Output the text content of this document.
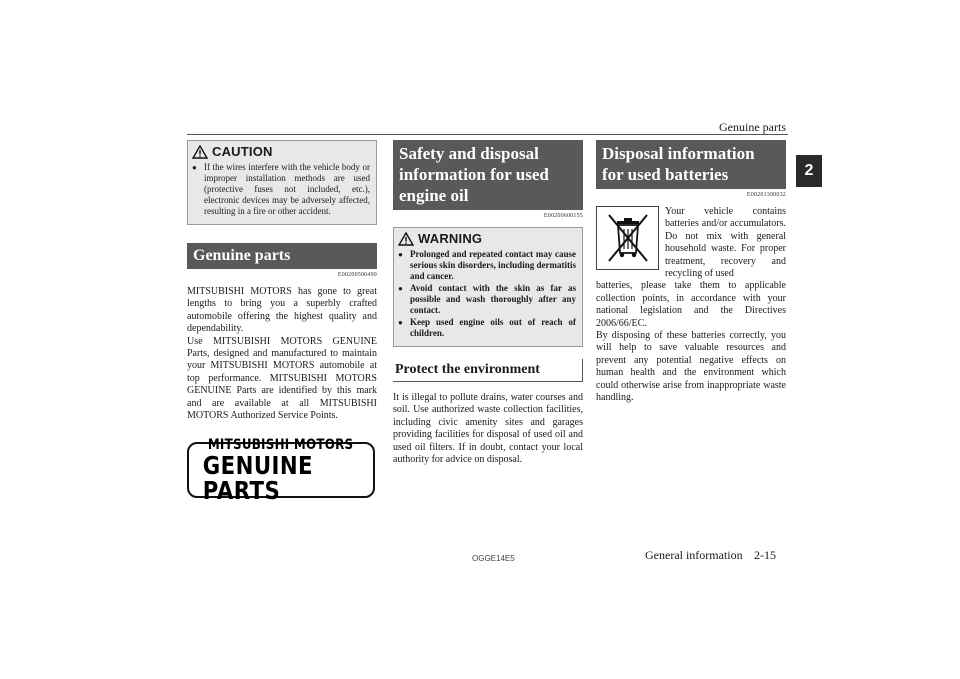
Genuine parts
2
CAUTION
● If the wires interfere with the vehicle body or improper installation methods are used (protective fuses not included, etc.), electronic devices may be adversely affected, resulting in a fire or other accident.
Genuine parts
E00200500499

MITSUBISHI MOTORS has gone to great lengths to bring you a superbly crafted automobile offering the highest quality and dependability.

Use MITSUBISHI MOTORS GENUINE Parts, designed and manufactured to maintain your MITSUBISHI MOTORS automobile at top performance. MITSUBISHI MOTORS GENUINE Parts are identified by this mark and are available at all MITSUBISHI MOTORS Authorized Service Points.

MITSUBISHI MOTORS
GENUINE PARTS
Safety and disposal information for used engine oil
E00200600155
WARNING
● Prolonged and repeated contact may cause serious skin disorders, including dermatitis and cancer.
● Avoid contact with the skin as far as possible and wash thoroughly after any contact.
● Keep used engine oils out of reach of children.
Protect the environment

It is illegal to pollute drains, water courses and soil. Use authorized waste collection facilities, including civic amenity sites and garages providing facilities for disposal of used oil and used oil filters. If in doubt, contact your local authority for advice on disposal.

Disposal information for used batteries
E00201300032

Your vehicle contains batteries and/or accumulators. Do not mix with general household waste. For proper treatment, recovery and recycling of used

batteries, please take them to applicable collection points, in accordance with your national legislation and the Directives 2006/66/EC.

By disposing of these batteries correctly, you will help to save valuable resources and prevent any potential negative effects on human health and the environment which could otherwise arise from inappropriate waste handling.

OGGE14E5	General information 2-15
